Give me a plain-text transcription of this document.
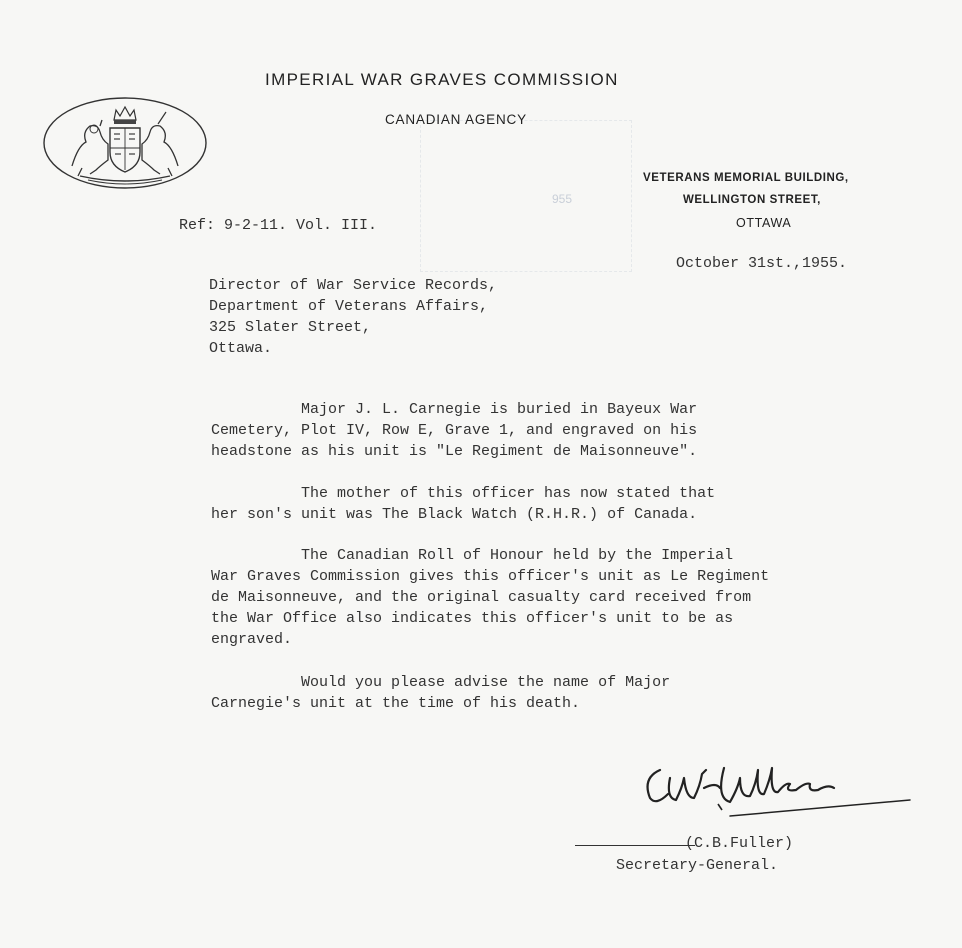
955
IMPERIAL WAR GRAVES COMMISSION
CANADIAN AGENCY
VETERANS MEMORIAL BUILDING,
WELLINGTON STREET,
OTTAWA
Ref: 9-2-11. Vol. III.
October 31st.,1955.
Director of War Service Records,
Department of Veterans Affairs,
325 Slater Street,
Ottawa.
Major J. L. Carnegie is buried in Bayeux War
Cemetery, Plot IV, Row E, Grave 1, and engraved on his
headstone as his unit is "Le Regiment de Maisonneuve".
The mother of this officer has now stated that
her son's unit was The Black Watch (R.H.R.) of Canada.
The Canadian Roll of Honour held by the Imperial
War Graves Commission gives this officer's unit as Le Regiment
de Maisonneuve, and the original casualty card received from
the War Office also indicates this officer's unit to be as
engraved.
Would you please advise the name of Major
Carnegie's unit at the time of his death.
(C.B.Fuller)
Secretary-General.
